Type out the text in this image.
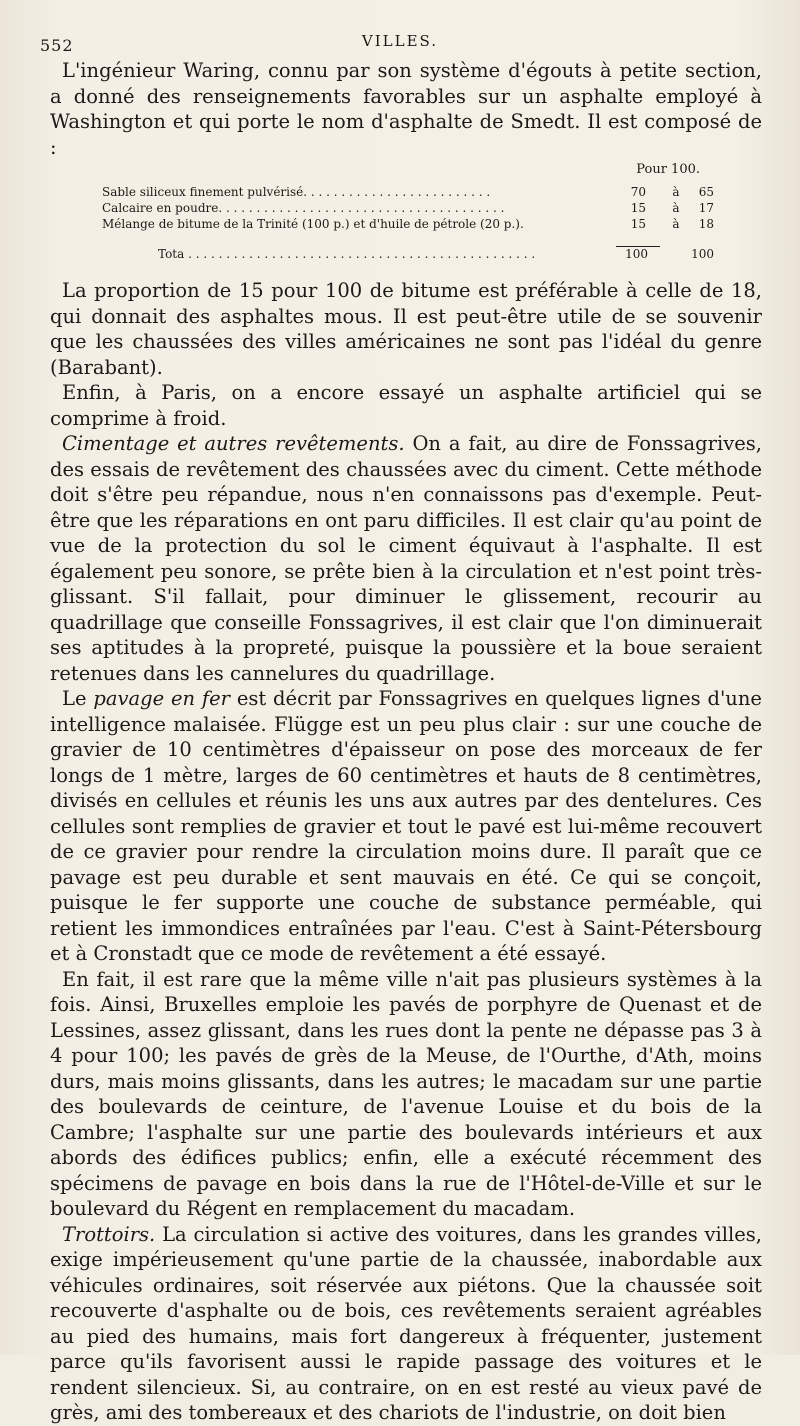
552	VILLES.

L'ingénieur Waring, connu par son système d'égouts à petite section, a donné des renseignements favorables sur un asphalte employé à Washington et qui porte le nom d'asphalte de Smedt. Il est composé de :

Pour 100.
Sable siliceux finement pulvérisé. . . . . . . . . . . . . . . . . . . . . . . . .	70 à	65
Calcaire en poudre. . . . . . . . . . . . . . . . . . . . . . . . . . . . . . . . . . . . . .	15 à	17
Mélange de bitume de la Trinité (100 p.) et d'huile de pétrole (20 p.).	15 à	18
Tota . . . . . . . . . . . . . . . . . . . . . . . . . . . . . . . . . . . . . . . . . . . . . .	100	100

La proportion de 15 pour 100 de bitume est préférable à celle de 18, qui donnait des asphaltes mous. Il est peut-être utile de se souvenir que les chaussées des villes américaines ne sont pas l'idéal du genre (Barabant).

Enfin, à Paris, on a encore essayé un asphalte artificiel qui se comprime à froid.

Cimentage et autres revêtements. On a fait, au dire de Fonssagrives, des essais de revêtement des chaussées avec du ciment. Cette méthode doit s'être peu répandue, nous n'en connaissons pas d'exemple. Peut-être que les réparations en ont paru difficiles. Il est clair qu'au point de vue de la protection du sol le ciment équivaut à l'asphalte. Il est également peu sonore, se prête bien à la circulation et n'est point très-glissant. S'il fallait, pour diminuer le glissement, recourir au quadrillage que conseille Fonssagrives, il est clair que l'on diminuerait ses aptitudes à la propreté, puisque la poussière et la boue seraient retenues dans les cannelures du quadrillage.

Le pavage en fer est décrit par Fonssagrives en quelques lignes d'une intelligence malaisée. Flügge est un peu plus clair : sur une couche de gravier de 10 centimètres d'épaisseur on pose des morceaux de fer longs de 1 mètre, larges de 60 centimètres et hauts de 8 centimètres, divisés en cellules et réunis les uns aux autres par des dentelures. Ces cellules sont remplies de gravier et tout le pavé est lui-même recouvert de ce gravier pour rendre la circulation moins dure. Il paraît que ce pavage est peu durable et sent mauvais en été. Ce qui se conçoit, puisque le fer supporte une couche de substance perméable, qui retient les immondices entraînées par l'eau. C'est à Saint-Pétersbourg et à Cronstadt que ce mode de revêtement a été essayé.

En fait, il est rare que la même ville n'ait pas plusieurs systèmes à la fois. Ainsi, Bruxelles emploie les pavés de porphyre de Quenast et de Lessines, assez glissant, dans les rues dont la pente ne dépasse pas 3 à 4 pour 100; les pavés de grès de la Meuse, de l'Ourthe, d'Ath, moins durs, mais moins glissants, dans les autres; le macadam sur une partie des boulevards de ceinture, de l'avenue Louise et du bois de la Cambre; l'asphalte sur une partie des boulevards intérieurs et aux abords des édifices publics; enfin, elle a exécuté récemment des spécimens de pavage en bois dans la rue de l'Hôtel-de-Ville et sur le boulevard du Régent en remplacement du macadam.

Trottoirs. La circulation si active des voitures, dans les grandes villes, exige impérieusement qu'une partie de la chaussée, inabordable aux véhicules ordinaires, soit réservée aux piétons. Que la chaussée soit recouverte d'asphalte ou de bois, ces revêtements seraient agréables au pied des humains, mais fort dangereux à fréquenter, justement parce qu'ils favorisent aussi le rapide passage des voitures et le rendent silencieux. Si, au contraire, on en est resté au vieux pavé de grès, ami des tombereaux et des chariots de l'industrie, on doit bien
